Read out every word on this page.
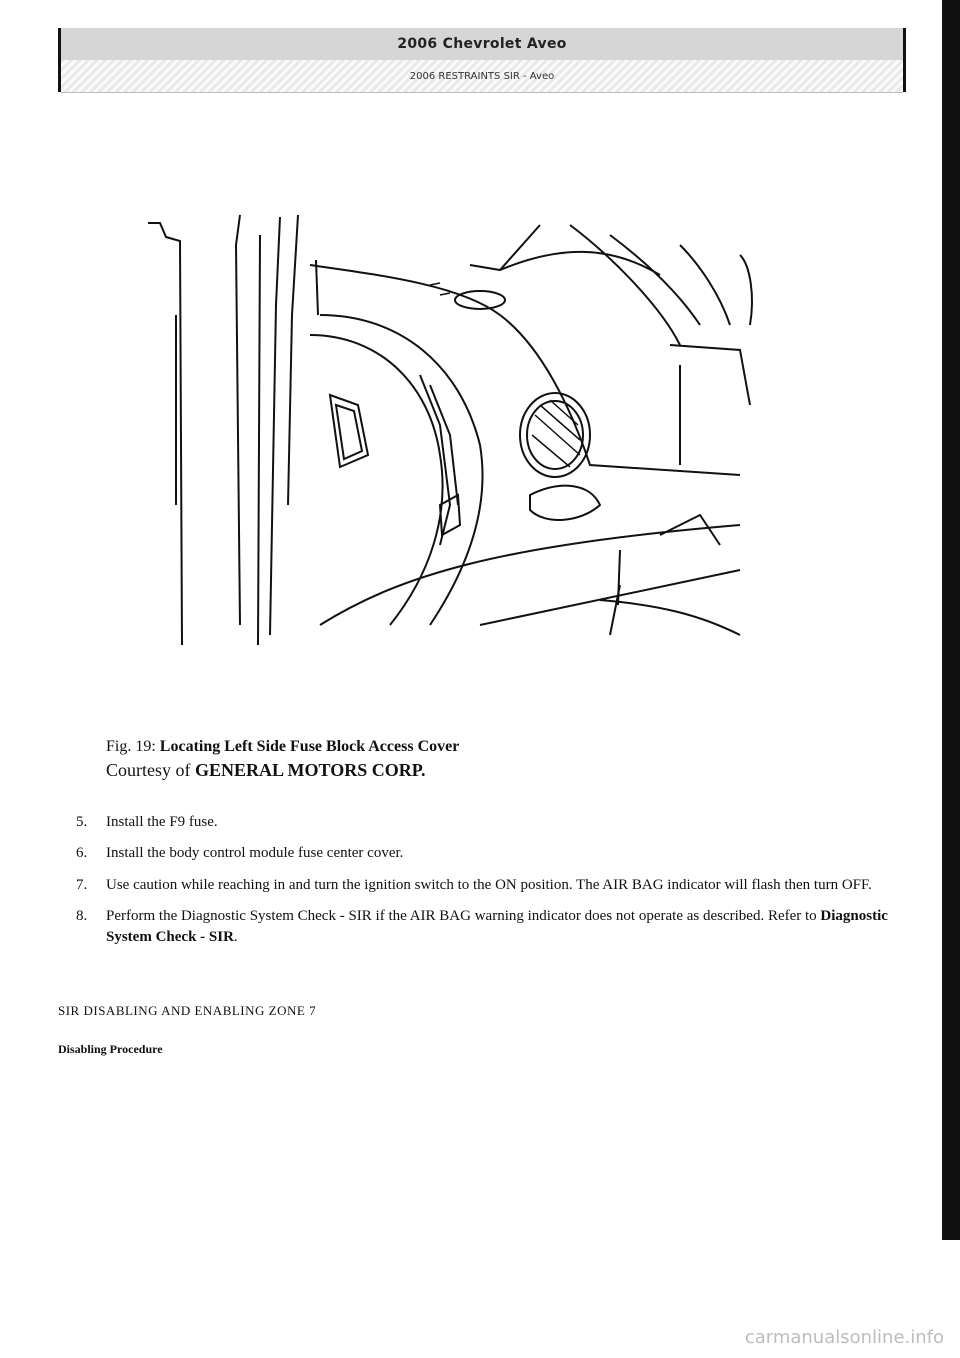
2006 Chevrolet Aveo
2006 RESTRAINTS SIR - Aveo
Fig. 19: Locating Left Side Fuse Block Access Cover
Courtesy of GENERAL MOTORS CORP.
5.	Install the F9 fuse.
6.	Install the body control module fuse center cover.
7.	Use caution while reaching in and turn the ignition switch to the ON position. The AIR BAG indicator will flash then turn OFF.
8.	Perform the Diagnostic System Check - SIR if the AIR BAG warning indicator does not operate as described. Refer to Diagnostic System Check - SIR.
SIR DISABLING AND ENABLING ZONE 7
Disabling Procedure
carmanualsonline.info
